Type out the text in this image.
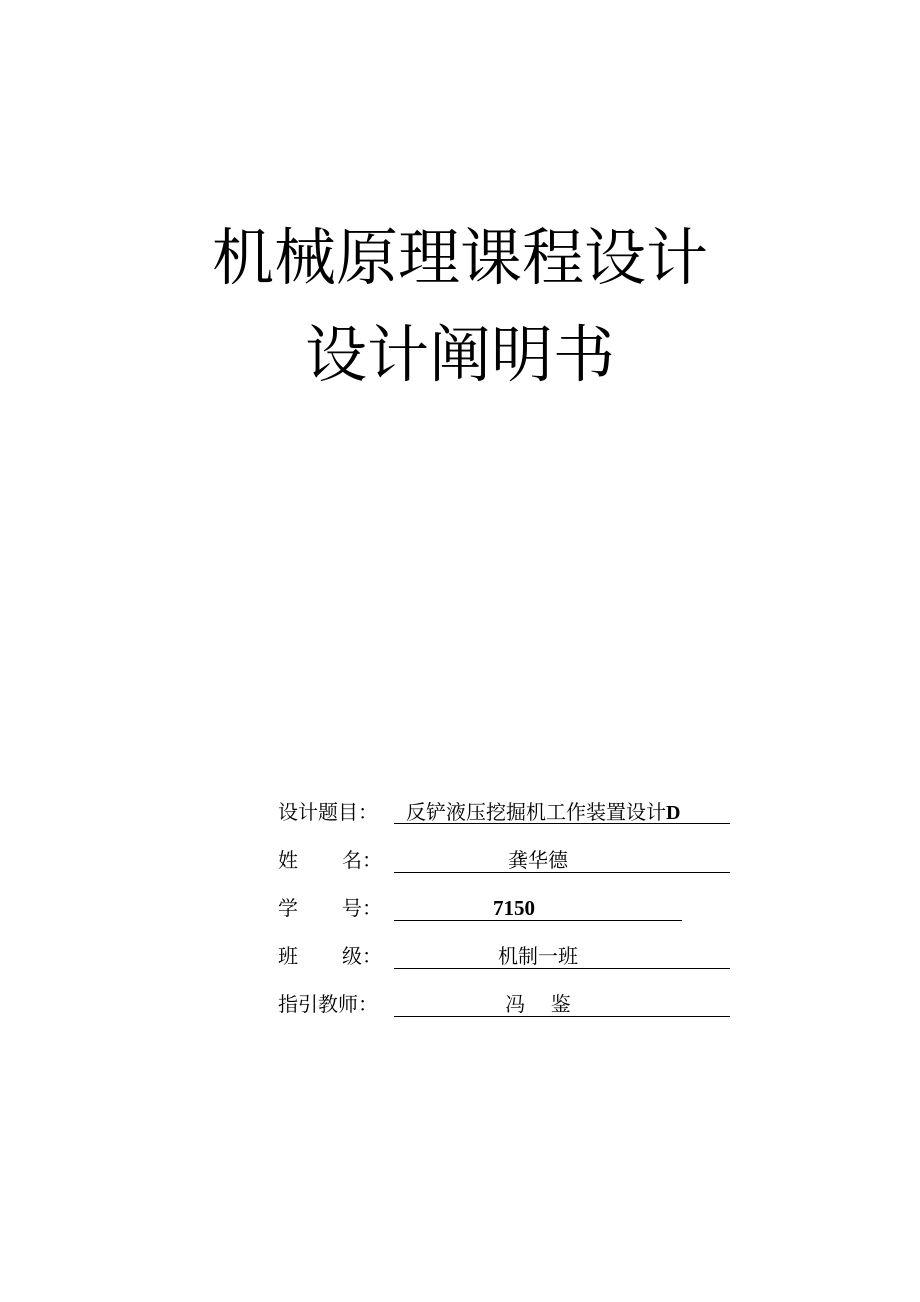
机械原理课程设计
设计阐明书
设计题目：	反铲液压挖掘机工作装置设计D
姓 名：	龚华德
学 号：	7150
班 级：	机制一班
指引教师：	冯    鉴
